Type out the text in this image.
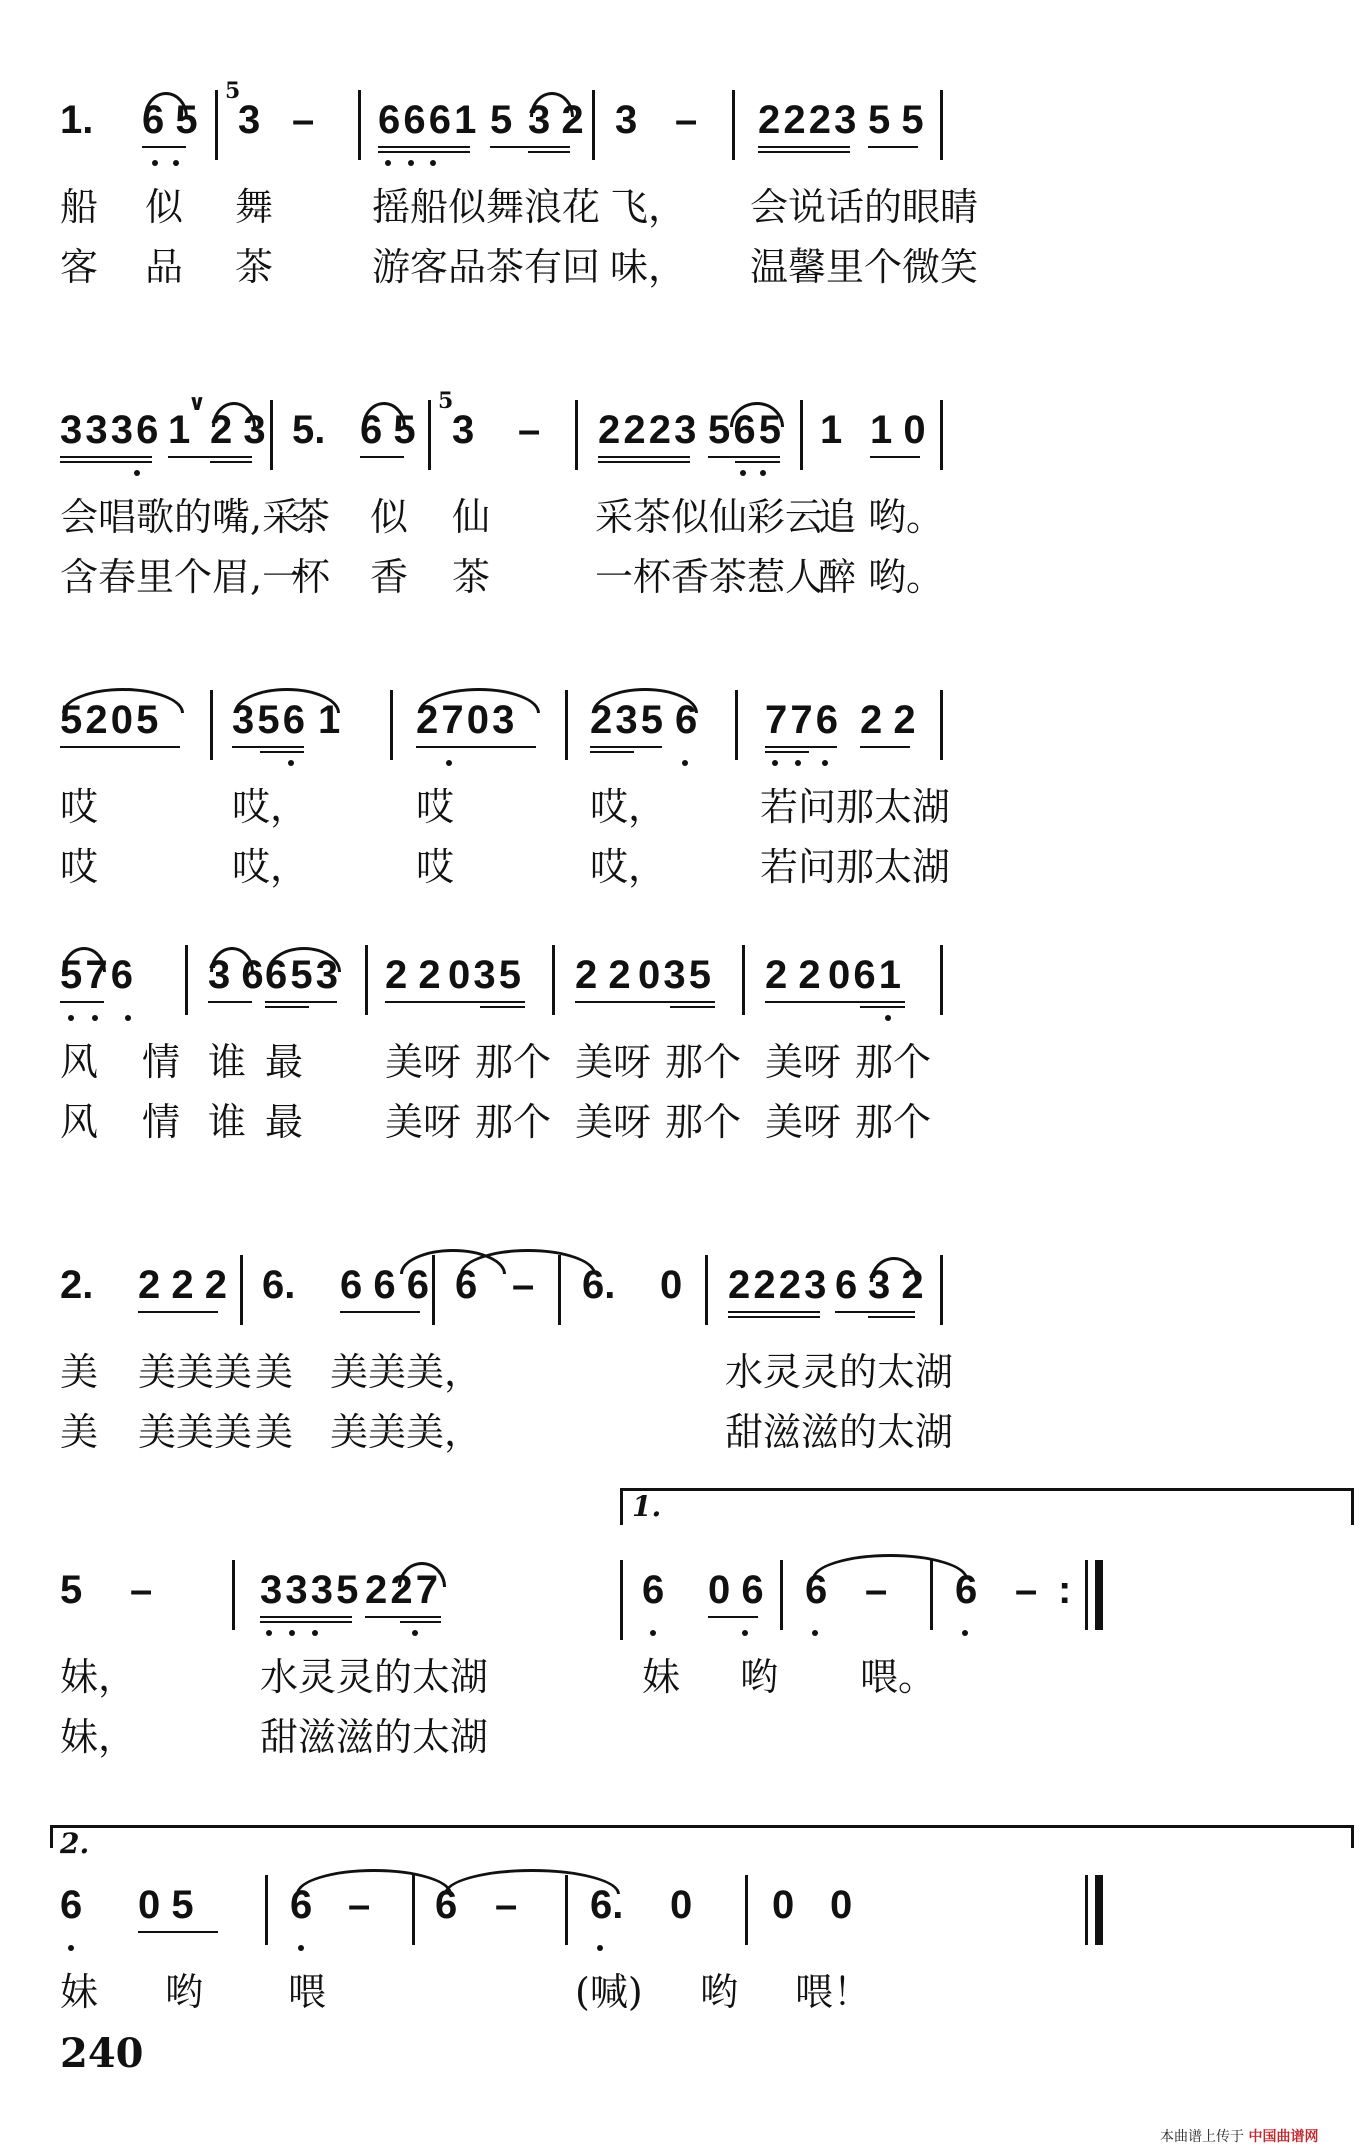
1. 6 5
5
3 – 6 6 6 1 5 3 2 3 – 2 2 2 3 5 5
船 似 舞	摇船似舞浪花 飞， 会说话的眼睛
客 品 茶	游客品茶有回 味， 温馨里个微笑
3 3 3 6 1
∨
2 3 5. 6 5
5
3 – 2 2 2 3 5 6 5 1 1 0
会唱歌的嘴,采
茶 似 仙	采茶似仙彩云
追 哟。
含春里个眉,一
杯 香 茶	一杯香茶惹人
醉 哟。
5 2 0 5 3 5 6 1 2 7 0 3 2 3 5 6 7 7 6 2 2
哎	哎，	哎	哎， 若问那太湖
哎	哎，	哎	哎， 若问那太湖
5 7 6 3 6 6 5 3 2 2 0 3 5 2 2 0 3 5 2 2 0 6 1
风 情 谁 最 美呀 那个 美呀 那个 美呀 那个
风 情 谁 最 美呀 那个 美呀 那个 美呀 那个
2. 2 2 2 6. 6 6 6 6 – 6. 0 2 2 2 3 6 3 2
美 美美美 美 美美美，	水灵灵的太湖
美 美美美 美 美美美，	甜滋滋的太湖
1.
5 –	3 3 3 5 2 2 7	6 0 6 6 – 6 – :
妹，	水灵灵的太湖	妹 哟 喂。
妹，	甜滋滋的太湖
2.
6 0 5 6 – 6 – 6. 0 0 0
妹 哟 喂	(喊) 哟 喂！
240
本曲谱上传于 中国曲谱网
